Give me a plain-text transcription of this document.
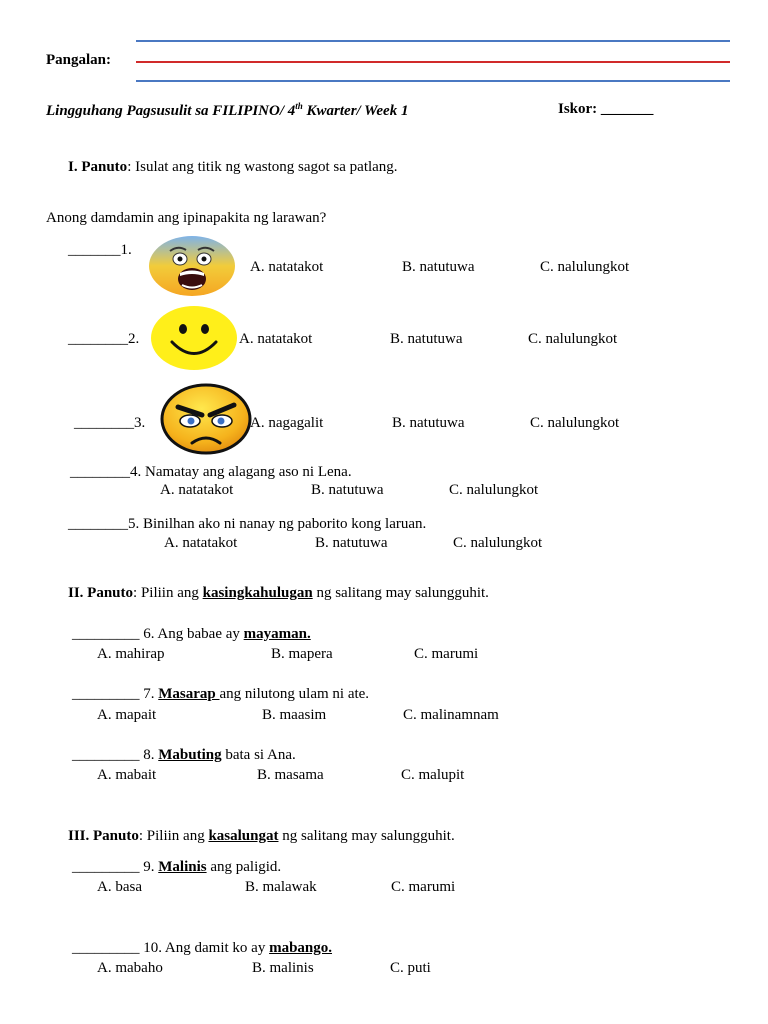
Pangalan:
Lingguhang Pagsusulit sa FILIPINO/ 4th Kwarter/ Week 1	Iskor: _______
I. Panuto: Isulat ang titik ng wastong sagot sa patlang.
Anong damdamin ang ipinapakita ng larawan?
_______1.
A. natatakot	B. natutuwa	C. nalulungkot
________2.	A. natatakot	B. natutuwa	C. nalulungkot
________3.	A. nagagalit	B. natutuwa	C. nalulungkot
________4. Namatay ang alagang aso ni Lena.
A. natatakot	B. natutuwa	C. nalulungkot
________5. Binilhan ako ni nanay ng paborito kong laruan.
A. natatakot	B. natutuwa	C. nalulungkot
II. Panuto: Piliin ang kasingkahulugan ng salitang may salungguhit.
_________ 6. Ang babae ay mayaman.
A. mahirap	B. mapera	C. marumi
_________ 7. Masarap ang nilutong ulam ni ate.
A. mapait	B. maasim	C. malinamnam
_________ 8. Mabuting bata si Ana.
A. mabait	B. masama	C. malupit
III. Panuto: Piliin ang kasalungat ng salitang may salungguhit.
_________ 9. Malinis ang paligid.
A. basa	B. malawak	C. marumi
_________ 10. Ang damit ko ay mabango.
A. mabaho	B. malinis	C. puti
